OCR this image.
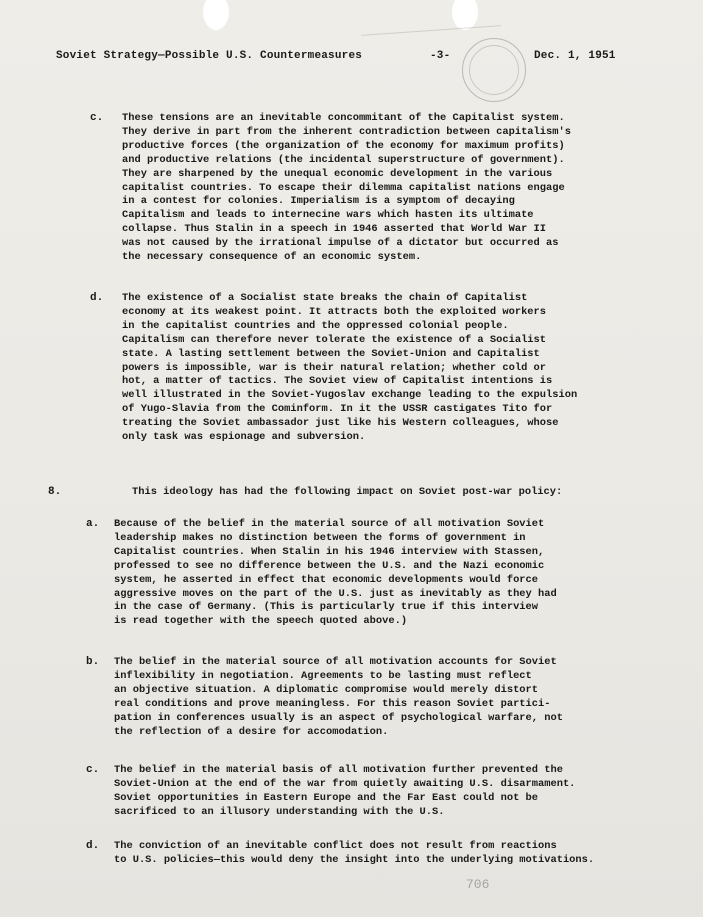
Soviet Strategy—Possible U.S. Countermeasures	-3-	Dec. 1, 1951
c. These tensions are an inevitable concommitant of the Capitalist system.
They derive in part from the inherent contradiction between capitalism's
productive forces (the organization of the economy for maximum profits)
and productive relations (the incidental superstructure of government).
They are sharpened by the unequal economic development in the various
capitalist countries. To escape their dilemma capitalist nations engage
in a contest for colonies. Imperialism is a symptom of decaying
Capitalism and leads to internecine wars which hasten its ultimate
collapse. Thus Stalin in a speech in 1946 asserted that World War II
was not caused by the irrational impulse of a dictator but occurred as
the necessary consequence of an economic system.
d. The existence of a Socialist state breaks the chain of Capitalist
economy at its weakest point. It attracts both the exploited workers
in the capitalist countries and the oppressed colonial people.
Capitalism can therefore never tolerate the existence of a Socialist
state. A lasting settlement between the Soviet-Union and Capitalist
powers is impossible, war is their natural relation; whether cold or
hot, a matter of tactics. The Soviet view of Capitalist intentions is
well illustrated in the Soviet-Yugoslav exchange leading to the expulsion
of Yugo-Slavia from the Cominform. In it the USSR castigates Tito for
treating the Soviet ambassador just like his Western colleagues, whose
only task was espionage and subversion.
8.	This ideology has had the following impact on Soviet post-war policy:
a. Because of the belief in the material source of all motivation Soviet
leadership makes no distinction between the forms of government in
Capitalist countries. When Stalin in his 1946 interview with Stassen,
professed to see no difference between the U.S. and the Nazi economic
system, he asserted in effect that economic developments would force
aggressive moves on the part of the U.S. just as inevitably as they had
in the case of Germany. (This is particularly true if this interview
is read together with the speech quoted above.)
b. The belief in the material source of all motivation accounts for Soviet
inflexibility in negotiation. Agreements to be lasting must reflect
an objective situation. A diplomatic compromise would merely distort
real conditions and prove meaningless. For this reason Soviet partici-
pation in conferences usually is an aspect of psychological warfare, not
the reflection of a desire for accomodation.
c. The belief in the material basis of all motivation further prevented the
Soviet-Union at the end of the war from quietly awaiting U.S. disarmament.
Soviet opportunities in Eastern Europe and the Far East could not be
sacrificed to an illusory understanding with the U.S.
d. The conviction of an inevitable conflict does not result from reactions
to U.S. policies—this would deny the insight into the underlying motivations.
706
